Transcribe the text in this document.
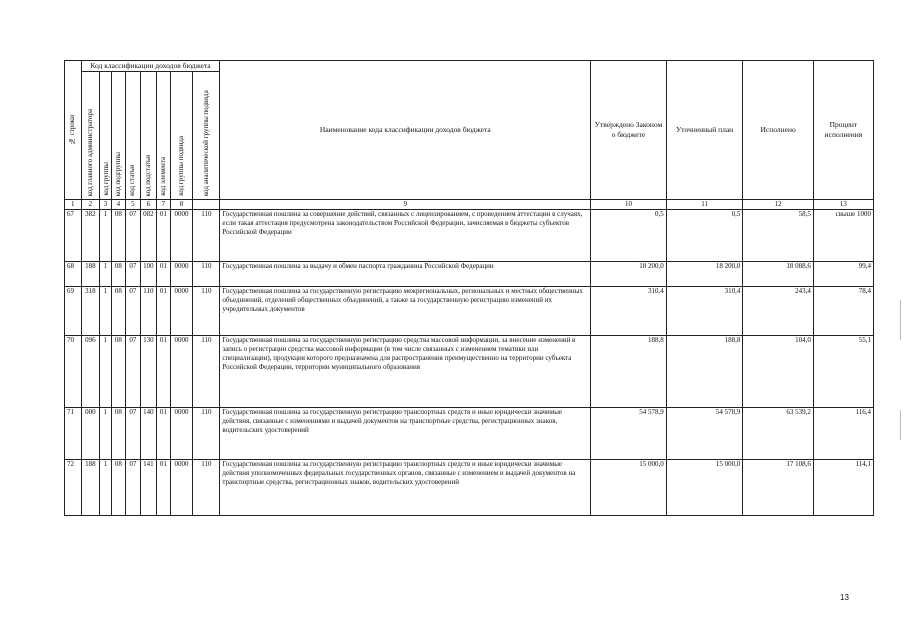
№ строки	Код классификации доходов бюджета								Наименование кода классификации доходов бюджета	Утверждено Законом о бюджете	Уточненный план	Исполнено	Процент исполнения

	код главного администратора	код группы	код подгруппы	код статьи	код подстатьи	код элемента	код группы подвида	код аналитической группы подвида					

1	2	3	4	5	6	7	8		9	10	11	12	13
67	382	1	08	07	082	01	0000	110	Государственная пошлина за совершение действий, связанных с лицензированием, с проведением аттестации в случаях, если такая аттестация предусмотрена законодательством Российской Федерации, зачисляемая в бюджеты субъектов Российской Федерации	0,5	0,5	58,5	свыше 1000
68	188	1	08	07	100	01	0000	110	Государственная пошлина за выдачу и обмен паспорта гражданина Российской Федерации	18 200,0	18 200,0	18 088,6	99,4
69	318	1	08	07	110	01	0000	110	Государственная пошлина за государственную регистрацию межрегиональных, региональных и местных общественных объединений, отделений общественных объединений, а также за государственную регистрацию изменений их учредительных документов	310,4	310,4	243,4	78,4
70	096	1	08	07	130	01	0000	110	Государственная пошлина за государственную регистрацию средства массовой информации, за внесение изменений в запись о регистрации средства массовой информации (в том числе связанных с изменением тематики или специализации), продукция которого предназначена для распространения преимущественно на территории субъекта Российской Федерации, территории муниципального образования	188,8	188,8	104,0	55,1
71	000	1	08	07	140	01	0000	110	Государственная пошлина за государственную регистрацию транспортных средств и иные юридически значимые действия, связанные с изменениями и выдачей документов на транспортные средства, регистрационных знаков, водительских удостоверений	54 578,9	54 578,9	63 539,2	116,4
72	188	1	08	07	141	01	0000	110	Государственная пошлина за государственную регистрацию транспортных средств и иные юридически значимые действия уполномоченных федеральных государственных органов, связанные с изменением и выдачей документов на транспортные средства, регистрационных знаков, водительских удостоверений	15 000,0	15 000,0	17 108,6	114,1
13
